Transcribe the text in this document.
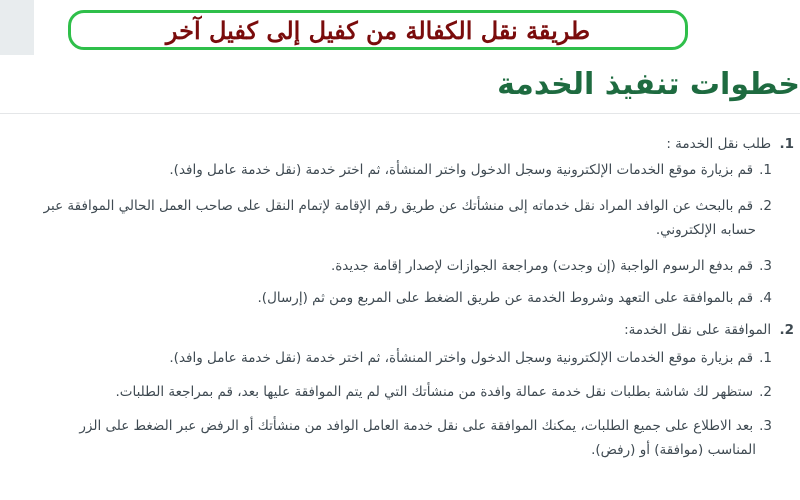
طريقة نقل الكفالة من كفيل إلى كفيل آخر
خطوات تنفيذ الخدمة
1. طلب نقل الخدمة :
1.قم بزيارة موقع الخدمات الإلكترونية وسجل الدخول واختر المنشأة، ثم اختر خدمة (نقل خدمة عامل وافد).
2.قم بالبحث عن الوافد المراد نقل خدماته إلى منشأتك عن طريق رقم الإقامة لإتمام النقل على صاحب العمل الحالي الموافقة عبر
حسابه الإلكتروني.
3.قم بدفع الرسوم الواجبة (إن وجدت) ومراجعة الجوازات لإصدار إقامة جديدة.
4.قم بالموافقة على التعهد وشروط الخدمة عن طريق الضغط على المربع ومن ثم (إرسال).
2. الموافقة على نقل الخدمة:
1.قم بزيارة موقع الخدمات الإلكترونية وسجل الدخول واختر المنشأة، ثم اختر خدمة (نقل خدمة عامل وافد).
2.ستظهر لك شاشة بطلبات نقل خدمة عمالة وافدة من منشأتك التي لم يتم الموافقة عليها بعد، قم بمراجعة الطلبات.
3.بعد الاطلاع على جميع الطلبات، يمكنك الموافقة على نقل خدمة العامل الوافد من منشأتك أو الرفض عبر الضغط على الزر
المناسب (موافقة) أو (رفض).
